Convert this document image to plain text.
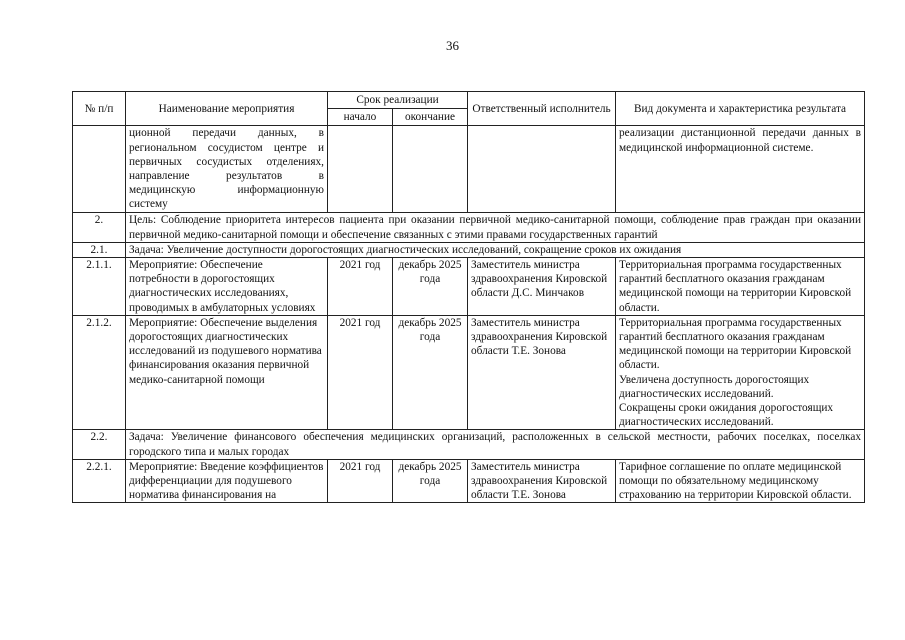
36
№ п/п	Наименование мероприятия	Срок реализации		Ответственный исполнитель	Вид документа и характеристика результата
		начало	окончание		
	ционной передачи данных, в региональном сосудистом центре и первичных сосудистых отделениях, направление результатов в медицинскую информационную систему				реализации дистанционной передачи данных в медицинской информационной системе.
2.	Цель: Соблюдение приоритета интересов пациента при оказании первичной медико-санитарной помощи, соблюдение прав граждан при оказании первичной медико-санитарной помощи и обеспечение связанных с этими правами государственных гарантий				
2.1.	Задача: Увеличение доступности дорогостоящих диагностических исследований, сокращение сроков их ожидания				
2.1.1.	Мероприятие: Обеспечение потребности в дорогостоящих диагностических исследованиях, проводимых в амбулаторных условиях	2021 год	декабрь 2025 года	Заместитель министра здравоохранения Кировской области Д.С. Минчаков	Территориальная программа государственных гарантий бесплатного оказания гражданам медицинской помощи на территории Кировской области.
2.1.2.	Мероприятие: Обеспечение выделения дорогостоящих диагностических исследований из подушевого норматива финансирования оказания первичной медико-санитарной помощи	2021 год	декабрь 2025 года	Заместитель министра здравоохранения Кировской области Т.Е. Зонова	Территориальная программа государственных гарантий бесплатного оказания гражданам медицинской помощи на территории Кировской области.
Увеличена доступность дорогостоящих диагностических исследований.
Сокращены сроки ожидания дорогостоящих диагностических исследований.

2.2.	Задача: Увеличение финансового обеспечения медицинских организаций, расположенных в сельской местности, рабочих поселках, поселках городского типа и малых городах				
2.2.1.	Мероприятие: Введение коэффициентов дифференциации для подушевого норматива финансирования на	2021 год	декабрь 2025 года	Заместитель министра здравоохранения Кировской области Т.Е. Зонова	Тарифное соглашение по оплате медицинской помощи по обязательному медицинскому страхованию на территории Кировской области.
